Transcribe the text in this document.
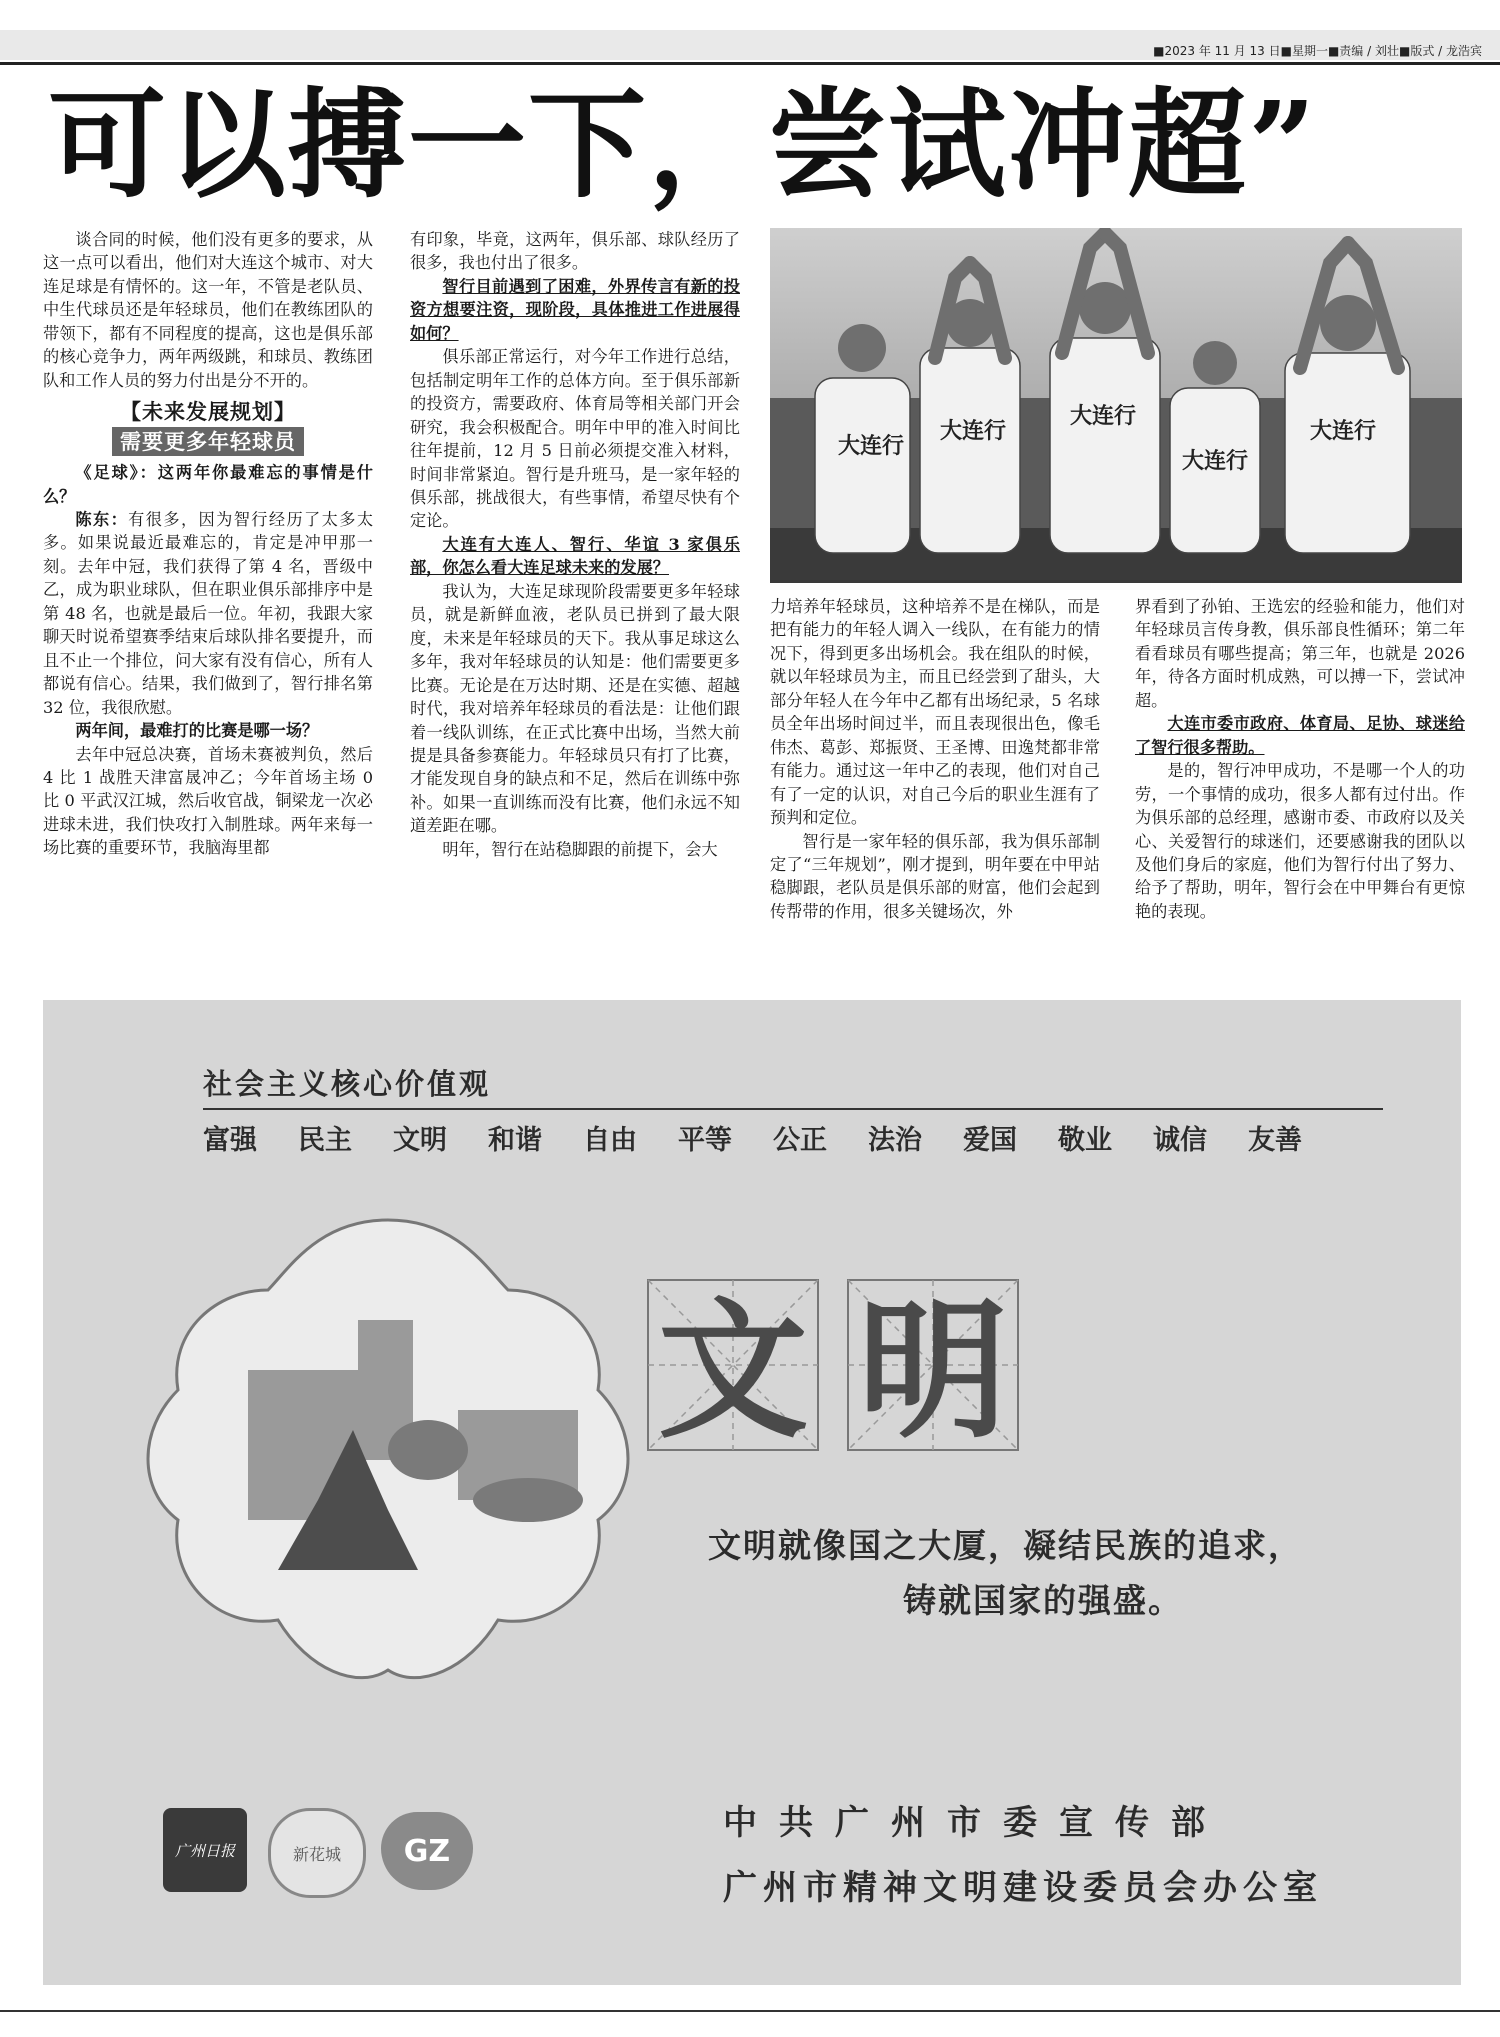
■2023 年 11 月 13 日■星期一■责编 / 刘壮■版式 / 龙浩宾
可以搏一下，尝试冲超”

谈合同的时候，他们没有更多的要求，从这一点可以看出，他们对大连这个城市、对大连足球是有情怀的。这一年，不管是老队员、中生代球员还是年轻球员，他们在教练团队的带领下，都有不同程度的提高，这也是俱乐部的核心竞争力，两年两级跳，和球员、教练团队和工作人员的努力付出是分不开的。

【未来发展规划】
需要更多年轻球员

《足球》：这两年你最难忘的事情是什么？

陈东：有很多，因为智行经历了太多太多。如果说最近最难忘的，肯定是冲甲那一刻。去年中冠，我们获得了第 4 名，晋级中乙，成为职业球队，但在职业俱乐部排序中是第 48 名，也就是最后一位。年初，我跟大家聊天时说希望赛季结束后球队排名要提升，而且不止一个排位，问大家有没有信心，所有人都说有信心。结果，我们做到了，智行排名第 32 位，我很欣慰。

两年间，最难打的比赛是哪一场？

去年中冠总决赛，首场未赛被判负，然后 4 比 1 战胜天津富晟冲乙；今年首场主场 0 比 0 平武汉江城，然后收官战，铜梁龙一次必进球未进，我们快攻打入制胜球。两年来每一场比赛的重要环节，我脑海里都

有印象，毕竟，这两年，俱乐部、球队经历了很多，我也付出了很多。

智行目前遇到了困难，外界传言有新的投资方想要注资，现阶段，具体推进工作进展得如何？

俱乐部正常运行，对今年工作进行总结，包括制定明年工作的总体方向。至于俱乐部新的投资方，需要政府、体育局等相关部门开会研究，我会积极配合。明年中甲的准入时间比往年提前，12 月 5 日前必须提交准入材料，时间非常紧迫。智行是升班马，是一家年轻的俱乐部，挑战很大，有些事情，希望尽快有个定论。

大连有大连人、智行、华谊 3 家俱乐部，你怎么看大连足球未来的发展？

我认为，大连足球现阶段需要更多年轻球员，就是新鲜血液，老队员已拼到了最大限度，未来是年轻球员的天下。我从事足球这么多年，我对年轻球员的认知是：他们需要更多比赛。无论是在万达时期、还是在实德、超越时代，我对培养年轻球员的看法是：让他们跟着一线队训练，在正式比赛中出场，当然大前提是具备参赛能力。年轻球员只有打了比赛，才能发现自身的缺点和不足，然后在训练中弥补。如果一直训练而没有比赛，他们永远不知道差距在哪。

明年，智行在站稳脚跟的前提下，会大

大连行
大连行
大连行
大连行
大连行

力培养年轻球员，这种培养不是在梯队，而是把有能力的年轻人调入一线队，在有能力的情况下，得到更多出场机会。我在组队的时候，就以年轻球员为主，而且已经尝到了甜头，大部分年轻人在今年中乙都有出场纪录，5 名球员全年出场时间过半，而且表现很出色，像毛伟杰、葛彭、郑振贤、王圣博、田逸梵都非常有能力。通过这一年中乙的表现，他们对自己有了一定的认识，对自己今后的职业生涯有了预判和定位。

智行是一家年轻的俱乐部，我为俱乐部制定了“三年规划”，刚才提到，明年要在中甲站稳脚跟，老队员是俱乐部的财富，他们会起到传帮带的作用，很多关键场次，外

界看到了孙铂、王选宏的经验和能力，他们对年轻球员言传身教，俱乐部良性循环；第二年看看球员有哪些提高；第三年，也就是 2026 年，待各方面时机成熟，可以搏一下，尝试冲超。

大连市委市政府、体育局、足协、球迷给了智行很多帮助。

是的，智行冲甲成功，不是哪一个人的功劳，一个事情的成功，很多人都有过付出。作为俱乐部的总经理，感谢市委、市政府以及关心、关爱智行的球迷们，还要感谢我的团队以及他们身后的家庭，他们为智行付出了努力、给予了帮助，明年，智行会在中甲舞台有更惊艳的表现。

社会主义核心价值观
富强 民主 文明 和谐 自由 平等 公正 法治 爱国 敬业 诚信 友善
文 明
文明就像国之大厦，凝结民族的追求，
铸就国家的强盛。
中共广州市委宣传部
广州市精神文明建设委员会办公室
广州日报	新花城 GZ
